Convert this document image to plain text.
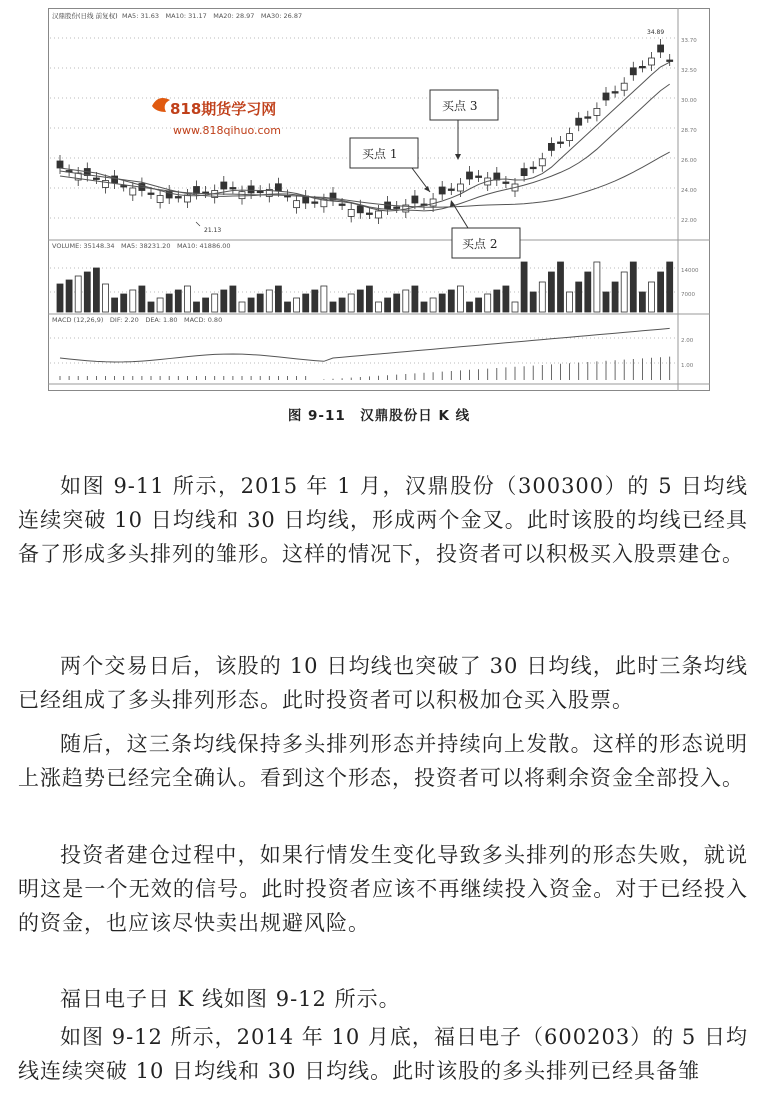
汉鼎股份(日线 前复权) MA5: 31.63　MA10: 31.17　MA20: 28.97　MA30: 26.87
VOLUME: 35148.34　MA5: 38231.20　MA10: 41886.00
MACD (12,26,9)　DIF: 2.20　DEA: 1.80　MACD: 0.80
33.70
32.50
30.00
28.70
26.00
24.00
22.00
14000
7000
2.00
1.00
34.89
21.13
818期货学习网
www.818qihuo.com
买点 1
买点 3
买点 2
图 9-11　汉鼎股份日 K 线

如图 9-11 所示，2015 年 1 月，汉鼎股份（300300）的 5 日均线连续突破 10 日均线和 30 日均线，形成两个金叉。此时该股的均线已经具备了形成多头排列的雏形。这样的情况下，投资者可以积极买入股票建仓。

两个交易日后，该股的 10 日均线也突破了 30 日均线，此时三条均线已经组成了多头排列形态。此时投资者可以积极加仓买入股票。

随后，这三条均线保持多头排列形态并持续向上发散。这样的形态说明上涨趋势已经完全确认。看到这个形态，投资者可以将剩余资金全部投入。

投资者建仓过程中，如果行情发生变化导致多头排列的形态失败，就说明这是一个无效的信号。此时投资者应该不再继续投入资金。对于已经投入的资金，也应该尽快卖出规避风险。

福日电子日 K 线如图 9-12 所示。

如图 9-12 所示，2014 年 10 月底，福日电子（600203）的 5 日均线连续突破 10 日均线和 30 日均线。此时该股的多头排列已经具备雏
